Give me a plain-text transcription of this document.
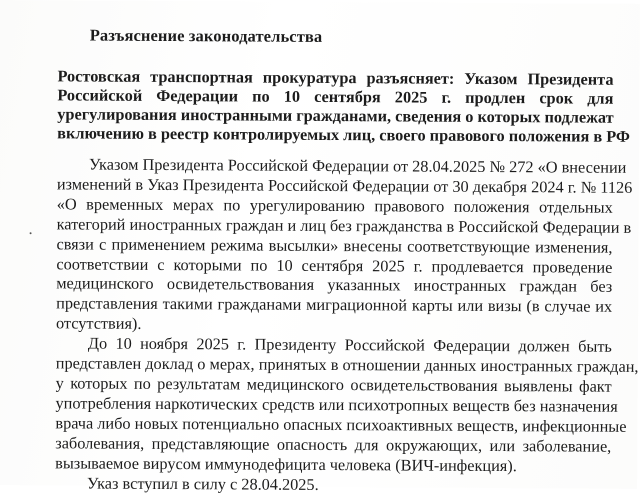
Разъяснение законодательства
Ростовская транспортная прокуратура разъясняет: Указом Президента
Российской Федерации по 10 сентября 2025 г. продлен срок для
урегулирования иностранными гражданами, сведения о которых подлежат
включению в реестр контролируемых лиц, своего правового положения в РФ
Указом Президента Российской Федерации от 28.04.2025 № 272 «О внесении
изменений в Указ Президента Российской Федерации от 30 декабря 2024 г. № 1126
«О временных мерах по урегулированию правового положения отдельных
категорий иностранных граждан и лиц без гражданства в Российской Федерации в
связи с применением режима высылки» внесены соответствующие изменения,
соответствии с которыми по 10 сентября 2025 г. продлевается проведение
медицинского освидетельствования указанных иностранных граждан без
представления такими гражданами миграционной карты или визы (в случае их
отсутствия).
До 10 ноября 2025 г. Президенту Российской Федерации должен быть
представлен доклад о мерах, принятых в отношении данных иностранных граждан,
у которых по результатам медицинского освидетельствования выявлены факт
употребления наркотических средств или психотропных веществ без назначения
врача либо новых потенциально опасных психоактивных веществ, инфекционные
заболевания, представляющие опасность для окружающих, или заболевание,
вызываемое вирусом иммунодефицита человека (ВИЧ-инфекция).
Указ вступил в силу с 28.04.2025.
